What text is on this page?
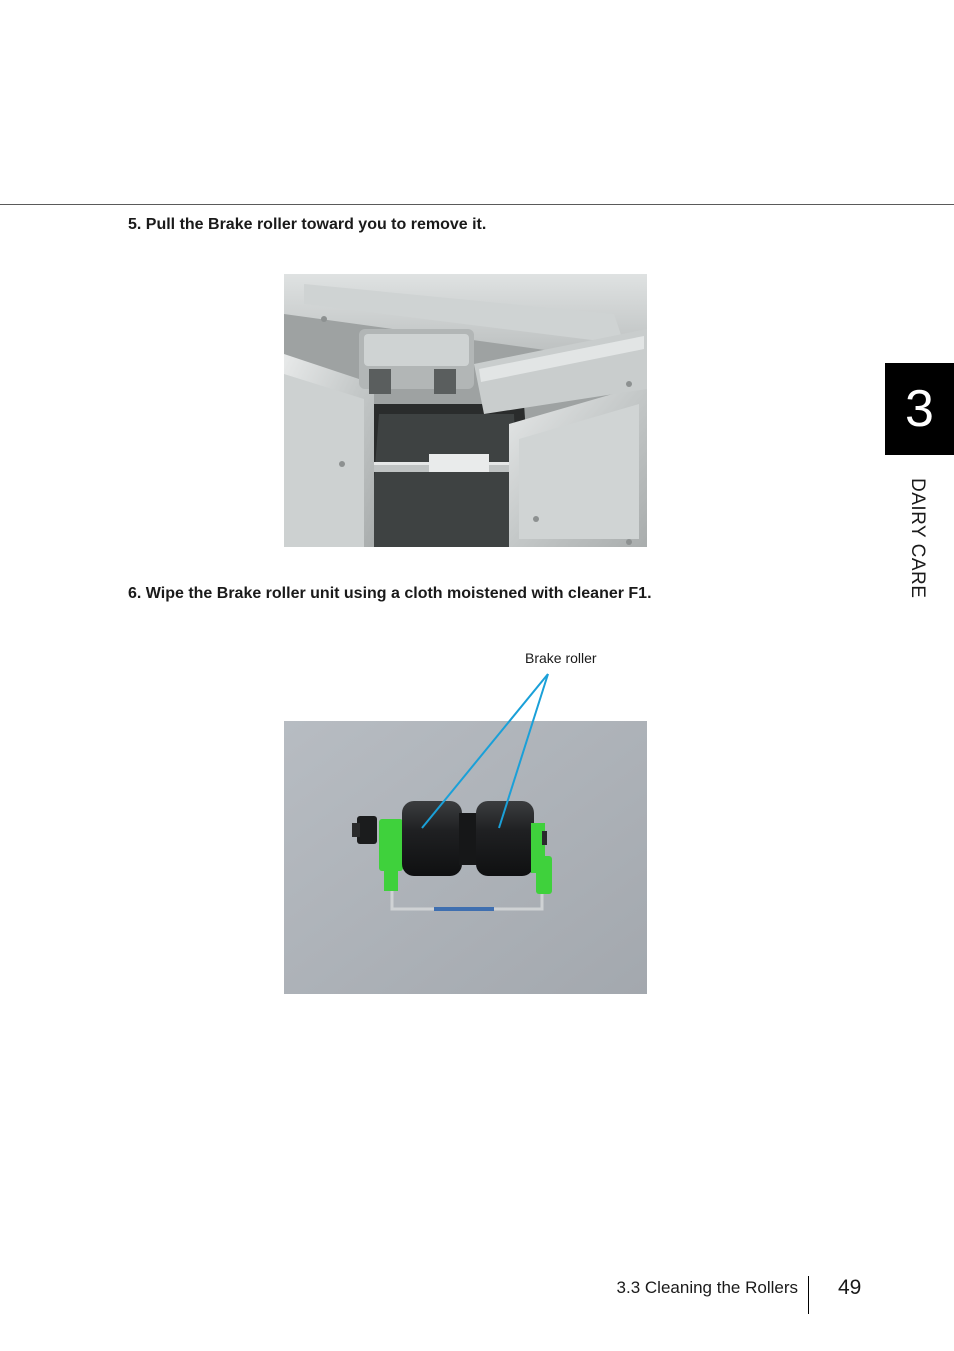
5. Pull the Brake roller toward you to remove it.

6. Wipe the Brake roller unit using a cloth moistened with cleaner F1.

Brake roller
3
DAIRY CARE
3.3 Cleaning the Rollers 49
